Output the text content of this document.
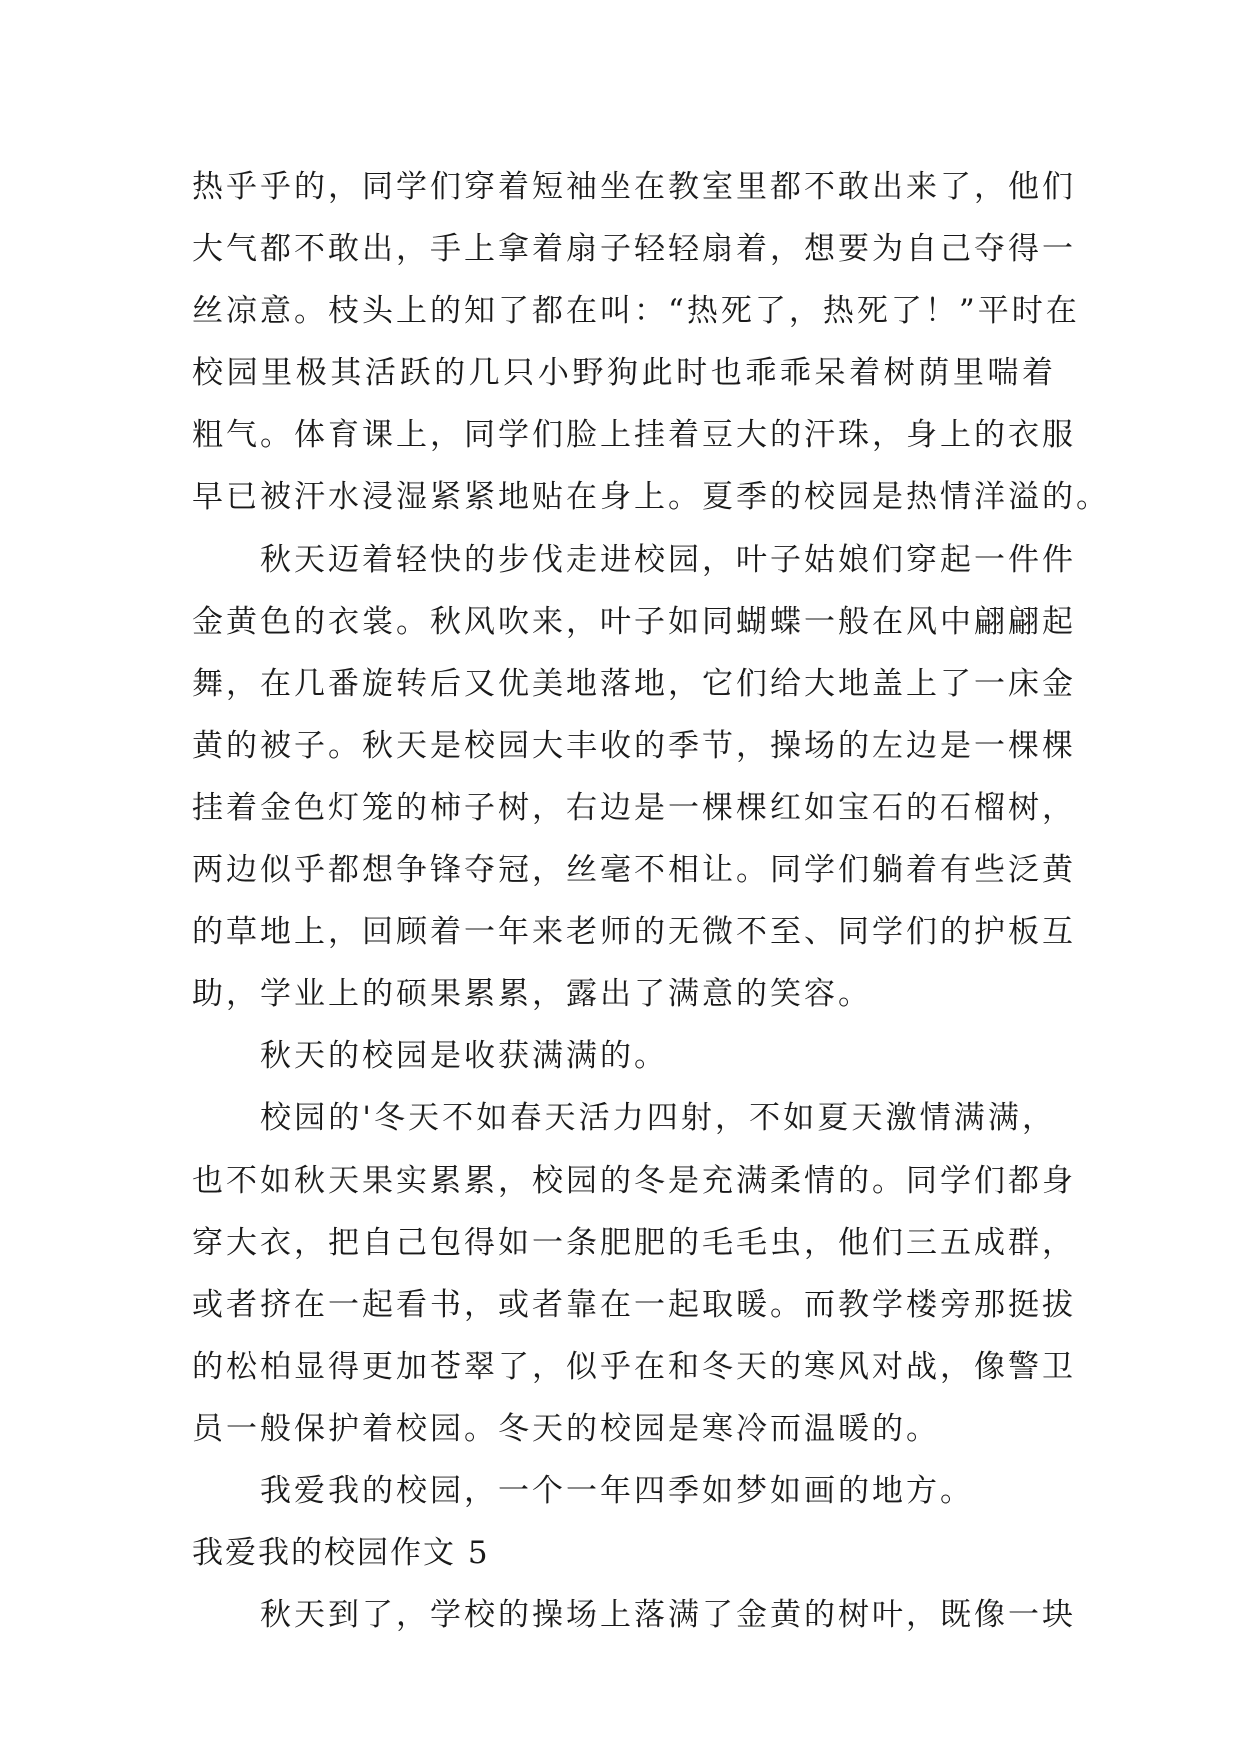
热乎乎的，同学们穿着短袖坐在教室里都不敢出来了，他们
大气都不敢出，手上拿着扇子轻轻扇着，想要为自己夺得一
丝凉意。枝头上的知了都在叫：“热死了，热死了！”平时在
校园里极其活跃的几只小野狗此时也乖乖呆着树荫里喘着
粗气。体育课上，同学们脸上挂着豆大的汗珠，身上的衣服
早已被汗水浸湿紧紧地贴在身上。夏季的校园是热情洋溢的。
秋天迈着轻快的步伐走进校园，叶子姑娘们穿起一件件
金黄色的衣裳。秋风吹来，叶子如同蝴蝶一般在风中翩翩起
舞，在几番旋转后又优美地落地，它们给大地盖上了一床金
黄的被子。秋天是校园大丰收的季节，操场的左边是一棵棵
挂着金色灯笼的柿子树，右边是一棵棵红如宝石的石榴树，
两边似乎都想争锋夺冠，丝毫不相让。同学们躺着有些泛黄
的草地上，回顾着一年来老师的无微不至、同学们的护板互
助，学业上的硕果累累，露出了满意的笑容。
秋天的校园是收获满满的。
校园的'冬天不如春天活力四射，不如夏天激情满满，
也不如秋天果实累累，校园的冬是充满柔情的。同学们都身
穿大衣，把自己包得如一条肥肥的毛毛虫，他们三五成群，
或者挤在一起看书，或者靠在一起取暖。而教学楼旁那挺拔
的松柏显得更加苍翠了，似乎在和冬天的寒风对战，像警卫
员一般保护着校园。冬天的校园是寒冷而温暖的。
我爱我的校园，一个一年四季如梦如画的地方。
我爱我的校园作文 5
秋天到了，学校的操场上落满了金黄的树叶，既像一块
